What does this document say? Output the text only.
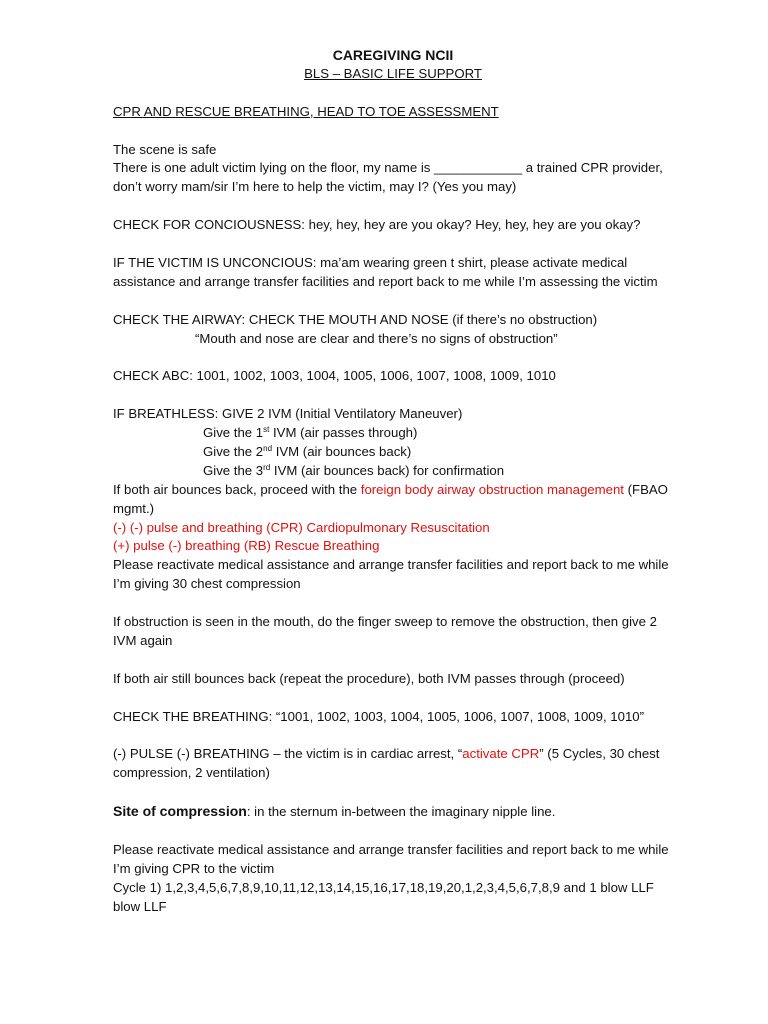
CAREGIVING NCII

BLS – BASIC LIFE SUPPORT

CPR AND RESCUE BREATHING, HEAD TO TOE ASSESSMENT

The scene is safe

There is one adult victim lying on the floor, my name is ____________ a trained CPR provider, don’t worry mam/sir I’m here to help the victim, may I? (Yes you may)

CHECK FOR CONCIOUSNESS: hey, hey, hey are you okay? Hey, hey, hey are you okay?

IF THE VICTIM IS UNCONCIOUS: ma’am wearing green t shirt, please activate medical assistance and arrange transfer facilities and report back to me while I’m assessing the victim

CHECK THE AIRWAY: CHECK THE MOUTH AND NOSE (if there’s no obstruction)

“Mouth and nose are clear and there’s no signs of obstruction”

CHECK ABC: 1001, 1002, 1003, 1004, 1005, 1006, 1007, 1008, 1009, 1010

IF BREATHLESS: GIVE 2 IVM (Initial Ventilatory Maneuver)

Give the 1st IVM (air passes through)

Give the 2nd IVM (air bounces back)

Give the 3rd IVM (air bounces back) for confirmation

If both air bounces back, proceed with the foreign body airway obstruction management (FBAO mgmt.)

(-) (-) pulse and breathing (CPR) Cardiopulmonary Resuscitation

(+) pulse (-) breathing (RB) Rescue Breathing

Please reactivate medical assistance and arrange transfer facilities and report back to me while I’m giving 30 chest compression

If obstruction is seen in the mouth, do the finger sweep to remove the obstruction, then give 2 IVM again

If both air still bounces back (repeat the procedure), both IVM passes through (proceed)

CHECK THE BREATHING: “1001, 1002, 1003, 1004, 1005, 1006, 1007, 1008, 1009, 1010”

(-) PULSE (-) BREATHING – the victim is in cardiac arrest, “activate CPR” (5 Cycles, 30 chest compression, 2 ventilation)

Site of compression: in the sternum in-between the imaginary nipple line.

Please reactivate medical assistance and arrange transfer facilities and report back to me while I’m giving CPR to the victim

Cycle 1) 1,2,3,4,5,6,7,8,9,10,11,12,13,14,15,16,17,18,19,20,1,2,3,4,5,6,7,8,9 and 1 blow LLF blow LLF
